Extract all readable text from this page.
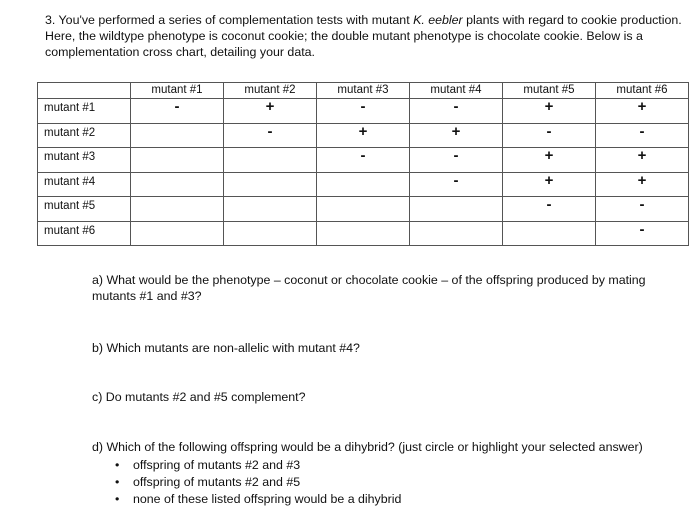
3. You've performed a series of complementation tests with mutant K. eebler plants with regard to cookie production. Here, the wildtype phenotype is coconut cookie; the double mutant phenotype is chocolate cookie. Below is a complementation cross chart, detailing your data.

	mutant #1	mutant #2	mutant #3	mutant #4	mutant #5	mutant #6
mutant #1	-	+	-	-	+	+
mutant #2		-	+	+	-	-
mutant #3			-	-	+	+
mutant #4				-	+	+
mutant #5					-	-
mutant #6						-
a) What would be the phenotype – coconut or chocolate cookie – of the offspring produced by mating mutants #1 and #3?
b) Which mutants are non-allelic with mutant #4?
c) Do mutants #2 and #5 complement?
d) Which of the following offspring would be a dihybrid? (just circle or highlight your selected answer)
• offspring of mutants #2 and #3
• offspring of mutants #2 and #5
• none of these listed offspring would be a dihybrid
